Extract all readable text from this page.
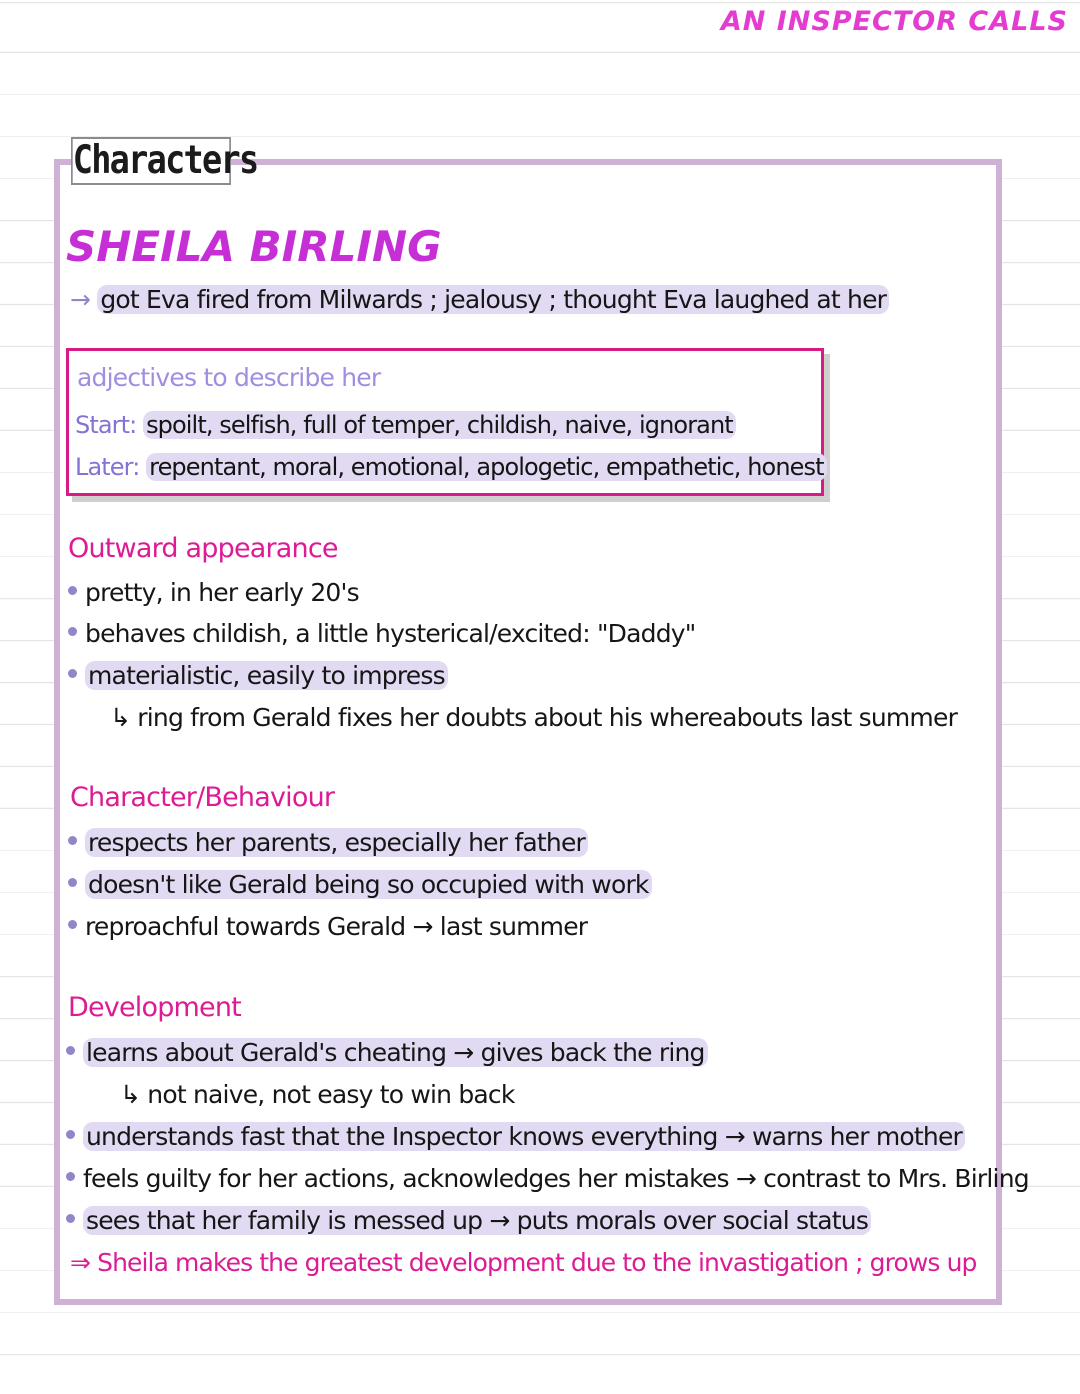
AN INSPECTOR CALLS
Characters
SHEILA BIRLING
→ got Eva fired from Milwards ; jealousy ; thought Eva laughed at her
adjectives to describe her
Start: spoilt, selfish, full of temper, childish, naive, ignorant
Later: repentant, moral, emotional, apologetic, empathetic, honest
Outward appearance
pretty, in her early 20's
behaves childish, a little hysterical/excited: "Daddy"
materialistic, easily to impress
↳ ring from Gerald fixes her doubts about his whereabouts last summer
Character/Behaviour
respects her parents, especially her father
doesn't like Gerald being so occupied with work
reproachful towards Gerald → last summer
Development
learns about Gerald's cheating → gives back the ring
↳ not naive, not easy to win back
understands fast that the Inspector knows everything → warns her mother
feels guilty for her actions, acknowledges her mistakes → contrast to Mrs. Birling
sees that her family is messed up → puts morals over social status
⇒ Sheila makes the greatest development due to the invastigation ; grows up
